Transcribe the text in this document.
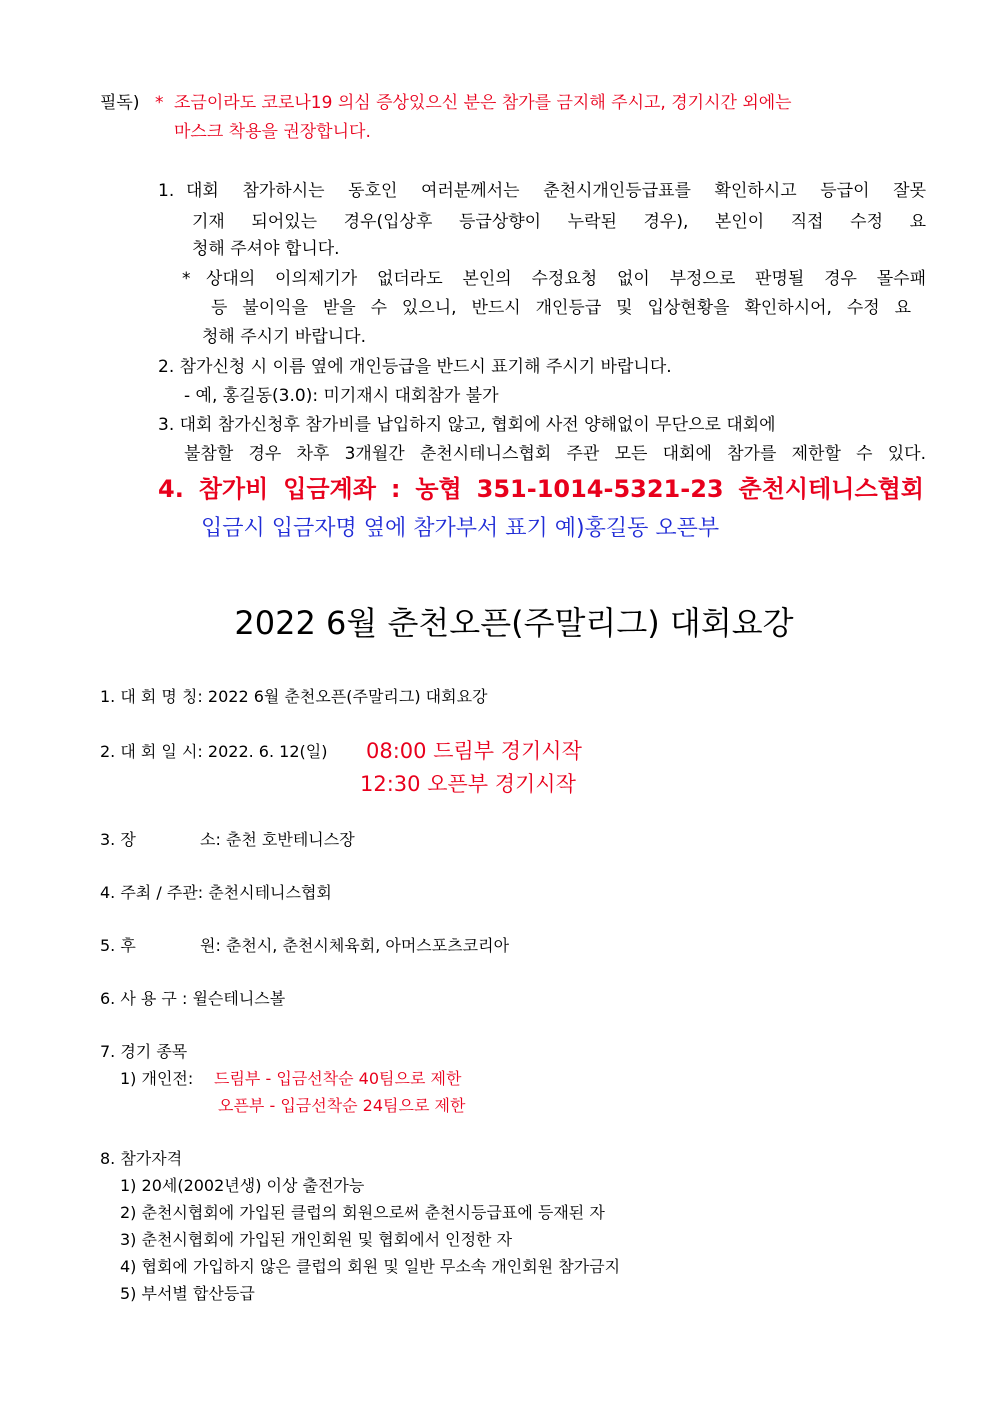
필독) * 조금이라도 코로나19 의심 증상있으신 분은 참가를 금지해 주시고, 경기시간 외에는
마스크 착용을 권장합니다.
1. 대회 참가하시는 동호인 여러분께서는 춘천시개인등급표를 확인하시고 등급이 잘못
기재 되어있는 경우(입상후 등급상향이 누락된 경우), 본인이 직접 수정 요
청해 주셔야 합니다.
* 상대의 이의제기가 없더라도 본인의 수정요청 없이 부정으로 판명될 경우 몰수패
등 불이익을 받을 수 있으니, 반드시 개인등급 및 입상현황을 확인하시어, 수정 요
청해 주시기 바랍니다.
2. 참가신청 시 이름 옆에 개인등급을 반드시 표기해 주시기 바랍니다.
- 예, 홍길동(3.0): 미기재시 대회참가 불가
3. 대회 참가신청후 참가비를 납입하지 않고, 협회에 사전 양해없이 무단으로 대회에
불참할 경우 차후 3개월간 춘천시테니스협회 주관 모든 대회에 참가를 제한할 수 있다.
4. 참가비 입금계좌 : 농협 351-1014-5321-23 춘천시테니스협회
입금시 입금자명 옆에 참가부서 표기 예)홍길동 오픈부
2022 6월 춘천오픈(주말리그) 대회요강
1. 대 회 명 칭: 2022 6월 춘천오픈(주말리그) 대회요강
2. 대 회 일 시: 2022. 6. 12(일) 08:00 드림부 경기시작
12:30 오픈부 경기시작
3. 장	소: 춘천 호반테니스장
4. 주최 / 주관: 춘천시테니스협회
5. 후	원: 춘천시, 춘천시체육회, 아머스포츠코리아
6. 사 용 구 : 윌슨테니스볼
7. 경기 종목
1) 개인전: 드림부 - 입금선착순 40팀으로 제한
오픈부 - 입금선착순 24팀으로 제한
8. 참가자격
1) 20세(2002년생) 이상 출전가능
2) 춘천시협회에 가입된 클럽의 회원으로써 춘천시등급표에 등재된 자
3) 춘천시협회에 가입된 개인회원 및 협회에서 인정한 자
4) 협회에 가입하지 않은 클럽의 회원 및 일반 무소속 개인회원 참가금지
5) 부서별 합산등급
